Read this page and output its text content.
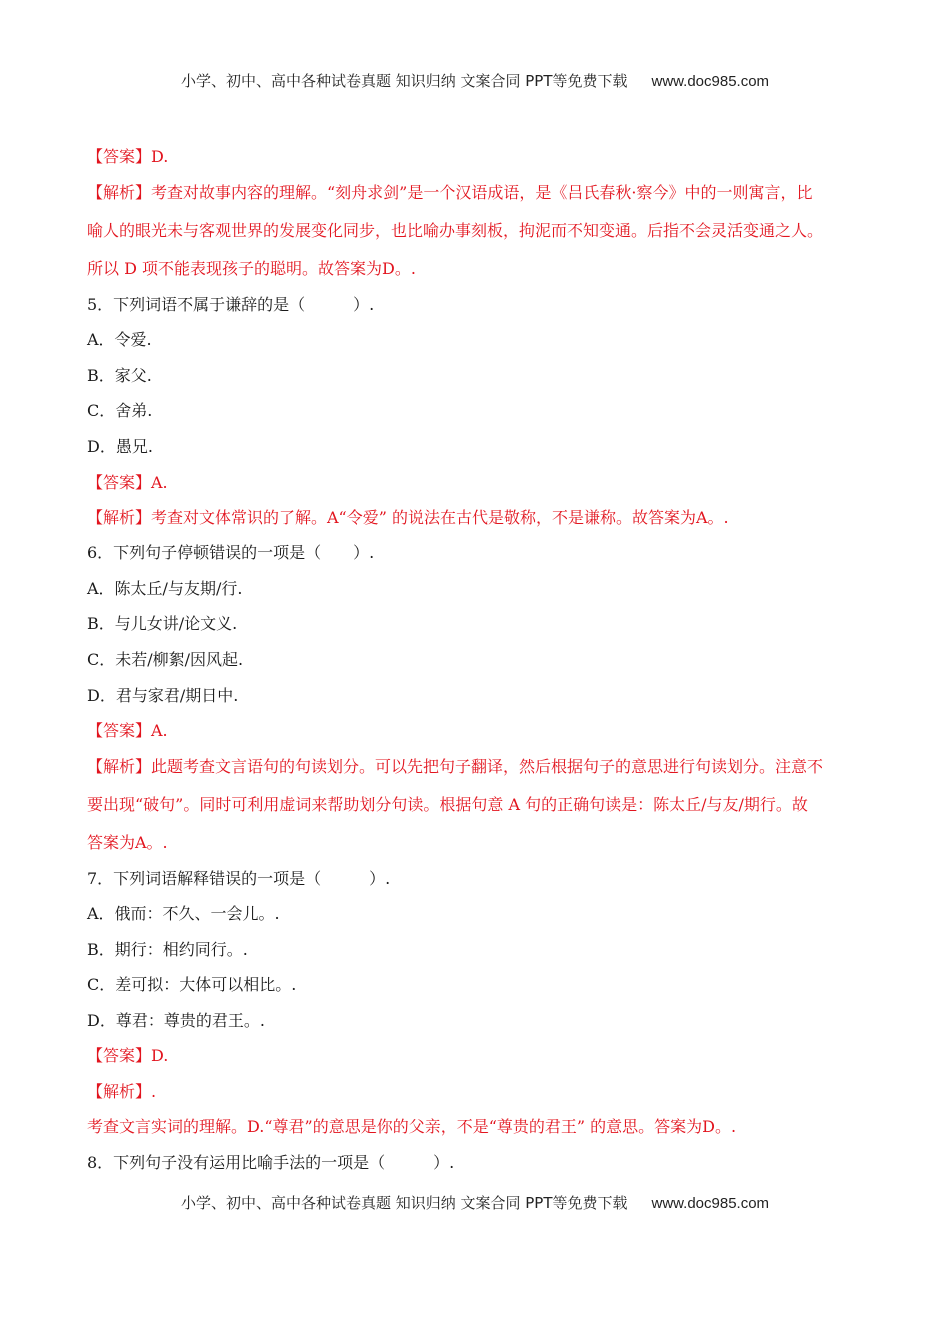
小学、初中、高中各种试卷真题 知识归纳 文案合同 PPT等免费下载 www.doc985.com
【答案】D.
【解析】考查对故事内容的理解。“刻舟求剑”是一个汉语成语，是《吕氏春秋·察今》中的一则寓言，比
喻人的眼光未与客观世界的发展变化同步，也比喻办事刻板，拘泥而不知变通。后指不会灵活变通之人。
所以 D 项不能表现孩子的聪明。故答案为D。.
5．下列词语不属于谦辞的是（　　　）.
A．令爱.
B．家父.
C．舍弟.
D．愚兄.
【答案】A.
【解析】考查对文体常识的了解。A“令爱” 的说法在古代是敬称，不是谦称。故答案为A。.
6．下列句子停顿错误的一项是（　　）.
A．陈太丘/与友期/行.
B．与儿女讲/论文义.
C．未若/柳絮/因风起.
D．君与家君/期日中.
【答案】A.
【解析】此题考查文言语句的句读划分。可以先把句子翻译，然后根据句子的意思进行句读划分。注意不
要出现“破句”。同时可利用虚词来帮助划分句读。根据句意 A 句的正确句读是：陈太丘/与友/期行。故
答案为A。.
7．下列词语解释错误的一项是（　　　）.
A．俄而：不久、一会儿。.
B．期行：相约同行。.
C．差可拟：大体可以相比。.
D．尊君：尊贵的君王。.
【答案】D.
【解析】.
考查文言实词的理解。D.“尊君”的意思是你的父亲，不是“尊贵的君王” 的意思。答案为D。.
8．下列句子没有运用比喻手法的一项是（　　　）.
小学、初中、高中各种试卷真题 知识归纳 文案合同 PPT等免费下载 www.doc985.com
